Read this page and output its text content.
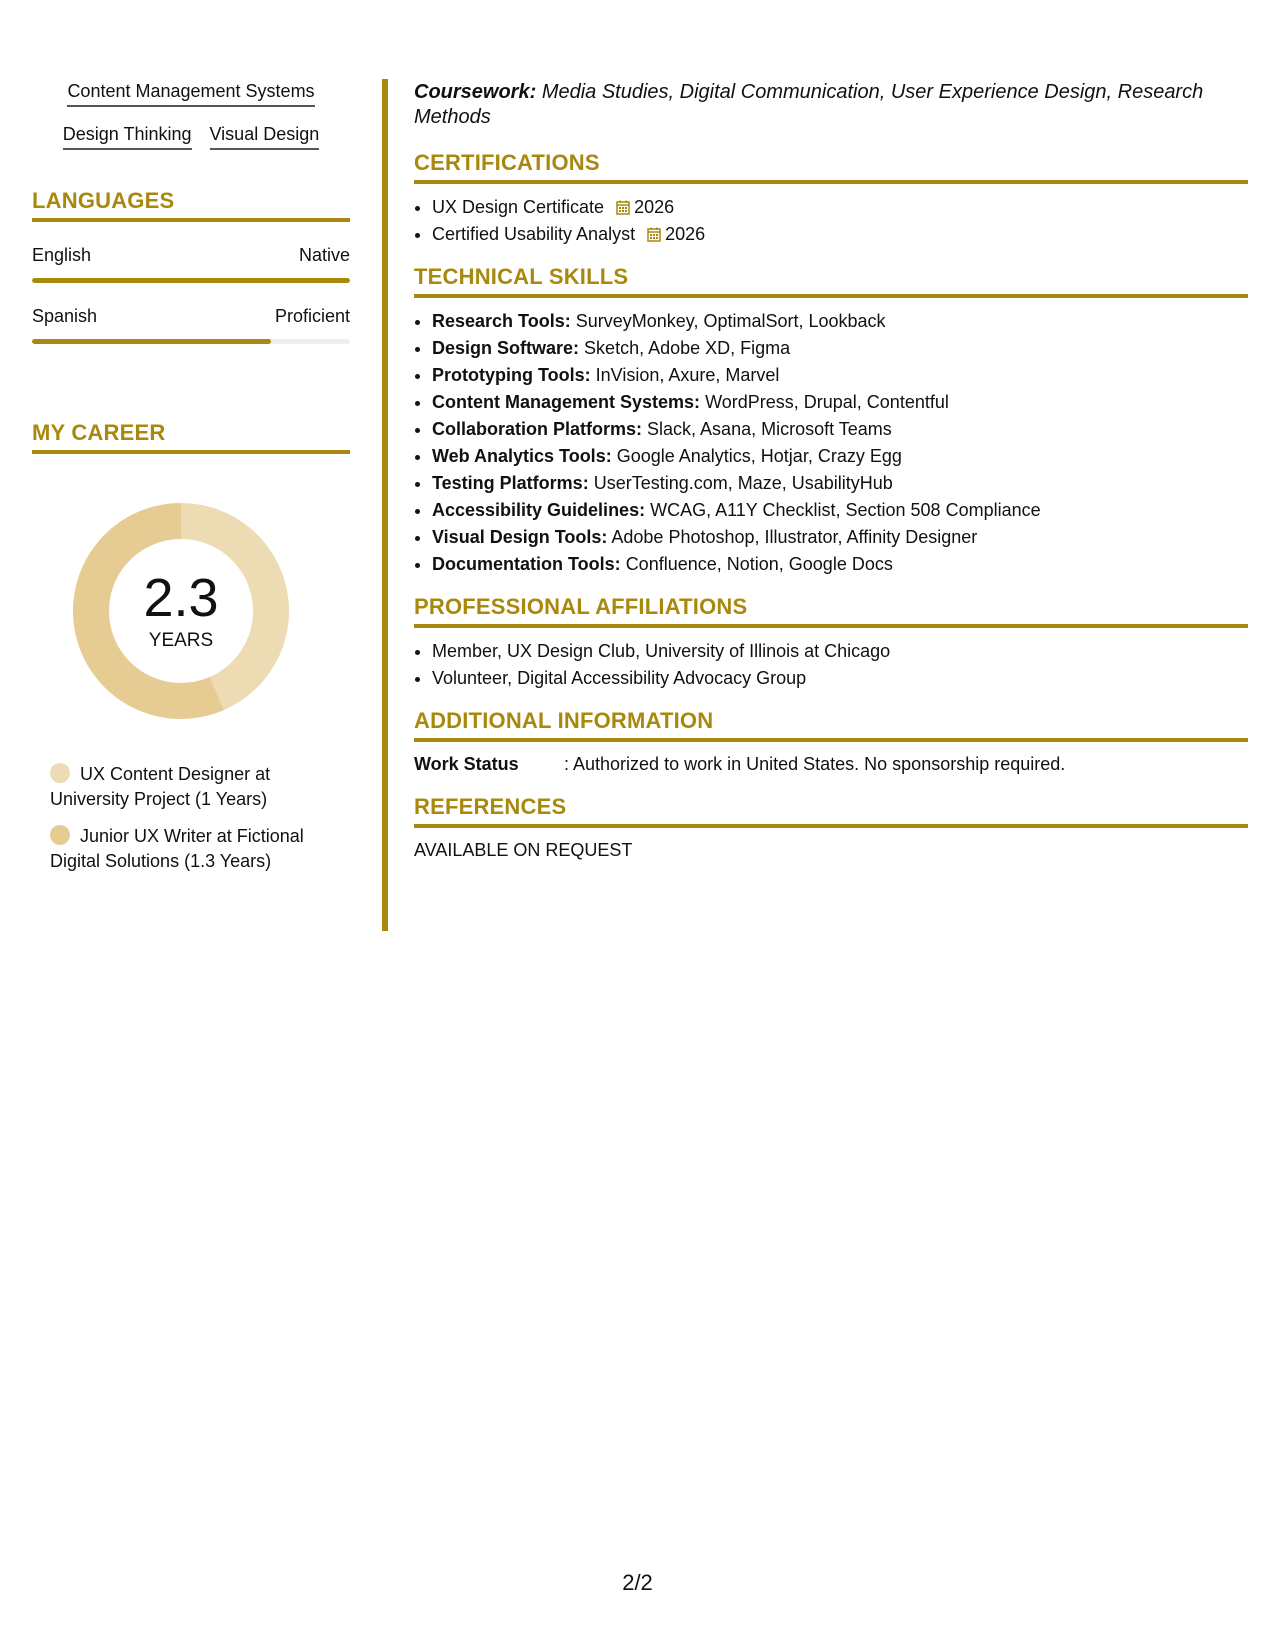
Content Management Systems
Design Thinking Visual Design
LANGUAGES
English	Native
Spanish	Proficient
MY CAREER
2.3
YEARS
UX Content Designer at University Project (1 Years)
Junior UX Writer at Fictional Digital Solutions (1.3 Years)

Coursework: Media Studies, Digital Communication, User Experience Design, Research Methods

CERTIFICATIONS
• UX Design Certificate 2026
• Certified Usability Analyst 2026
TECHNICAL SKILLS
• Research Tools: SurveyMonkey, OptimalSort, Lookback
• Design Software: Sketch, Adobe XD, Figma
• Prototyping Tools: InVision, Axure, Marvel
• Content Management Systems: WordPress, Drupal, Contentful
• Collaboration Platforms: Slack, Asana, Microsoft Teams
• Web Analytics Tools: Google Analytics, Hotjar, Crazy Egg
• Testing Platforms: UserTesting.com, Maze, UsabilityHub
• Accessibility Guidelines: WCAG, A11Y Checklist, Section 508 Compliance
• Visual Design Tools: Adobe Photoshop, Illustrator, Affinity Designer
• Documentation Tools: Confluence, Notion, Google Docs
PROFESSIONAL AFFILIATIONS
• Member, UX Design Club, University of Illinois at Chicago
• Volunteer, Digital Accessibility Advocacy Group
ADDITIONAL INFORMATION
Work Status	: Authorized to work in United States. No sponsorship required.
REFERENCES

AVAILABLE ON REQUEST

2/2
